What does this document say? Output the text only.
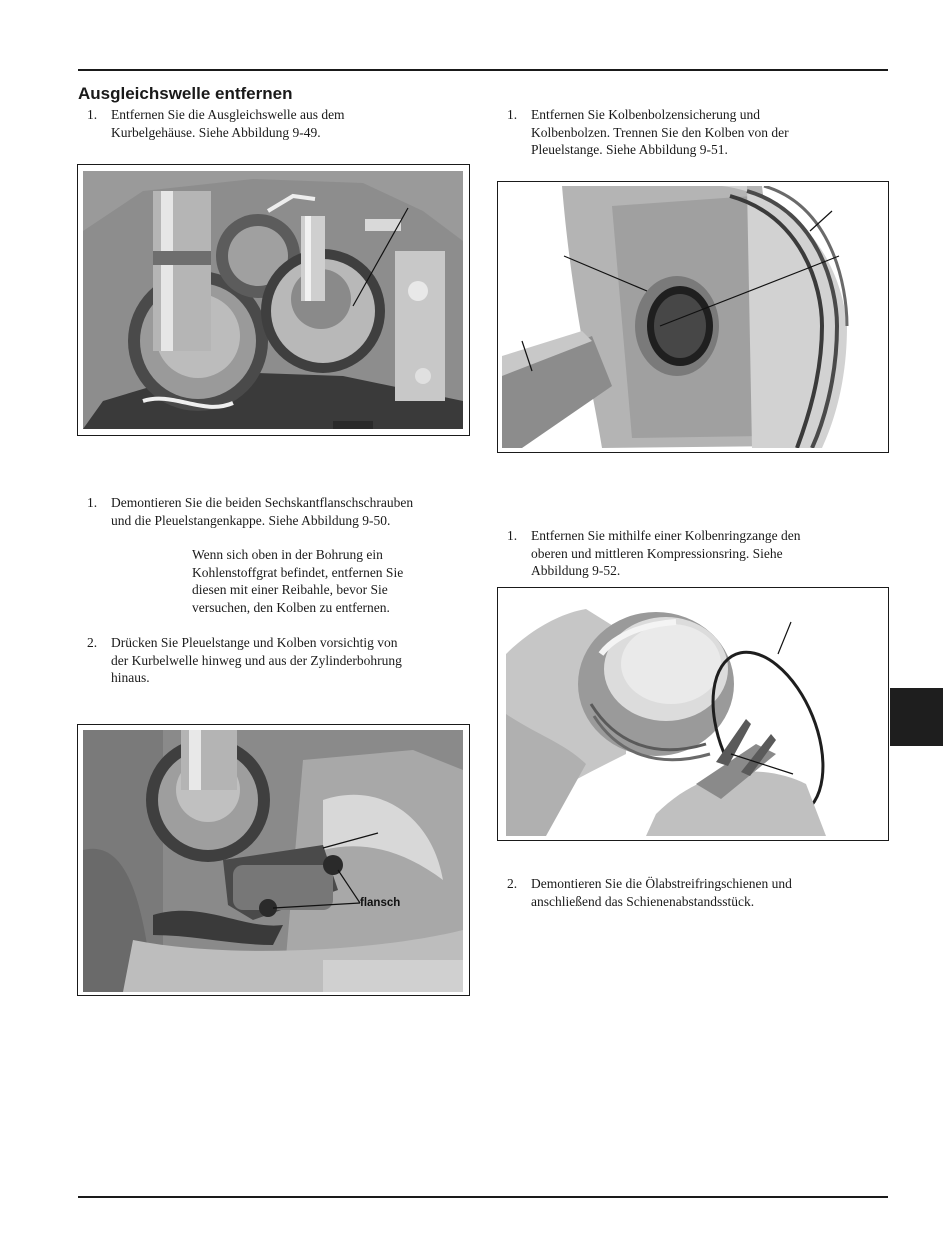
Ausgleichswelle entfernen
1. Entfernen Sie die Ausgleichswelle aus dem
Kurbelgehäuse. Siehe Abbildung 9-49.
1. Demontieren Sie die beiden Sechskantflanschschrauben
und die Pleuelstangenkappe. Siehe Abbildung 9-50.
Wenn sich oben in der Bohrung ein
Kohlenstoffgrat befindet, entfernen Sie
diesen mit einer Reibahle, bevor Sie
versuchen, den Kolben zu entfernen.
2. Drücken Sie Pleuelstange und Kolben vorsichtig von
der Kurbelwelle hinweg und aus der Zylinderbohrung
hinaus.
flansch
1. Entfernen Sie Kolbenbolzensicherung und
Kolbenbolzen. Trennen Sie den Kolben von der
Pleuelstange. Siehe Abbildung 9-51.
1. Entfernen Sie mithilfe einer Kolbenringzange den
oberen und mittleren Kompressionsring. Siehe
Abbildung 9-52.
2. Demontieren Sie die Ölabstreifringschienen und
anschließend das Schienenabstandsstück.
